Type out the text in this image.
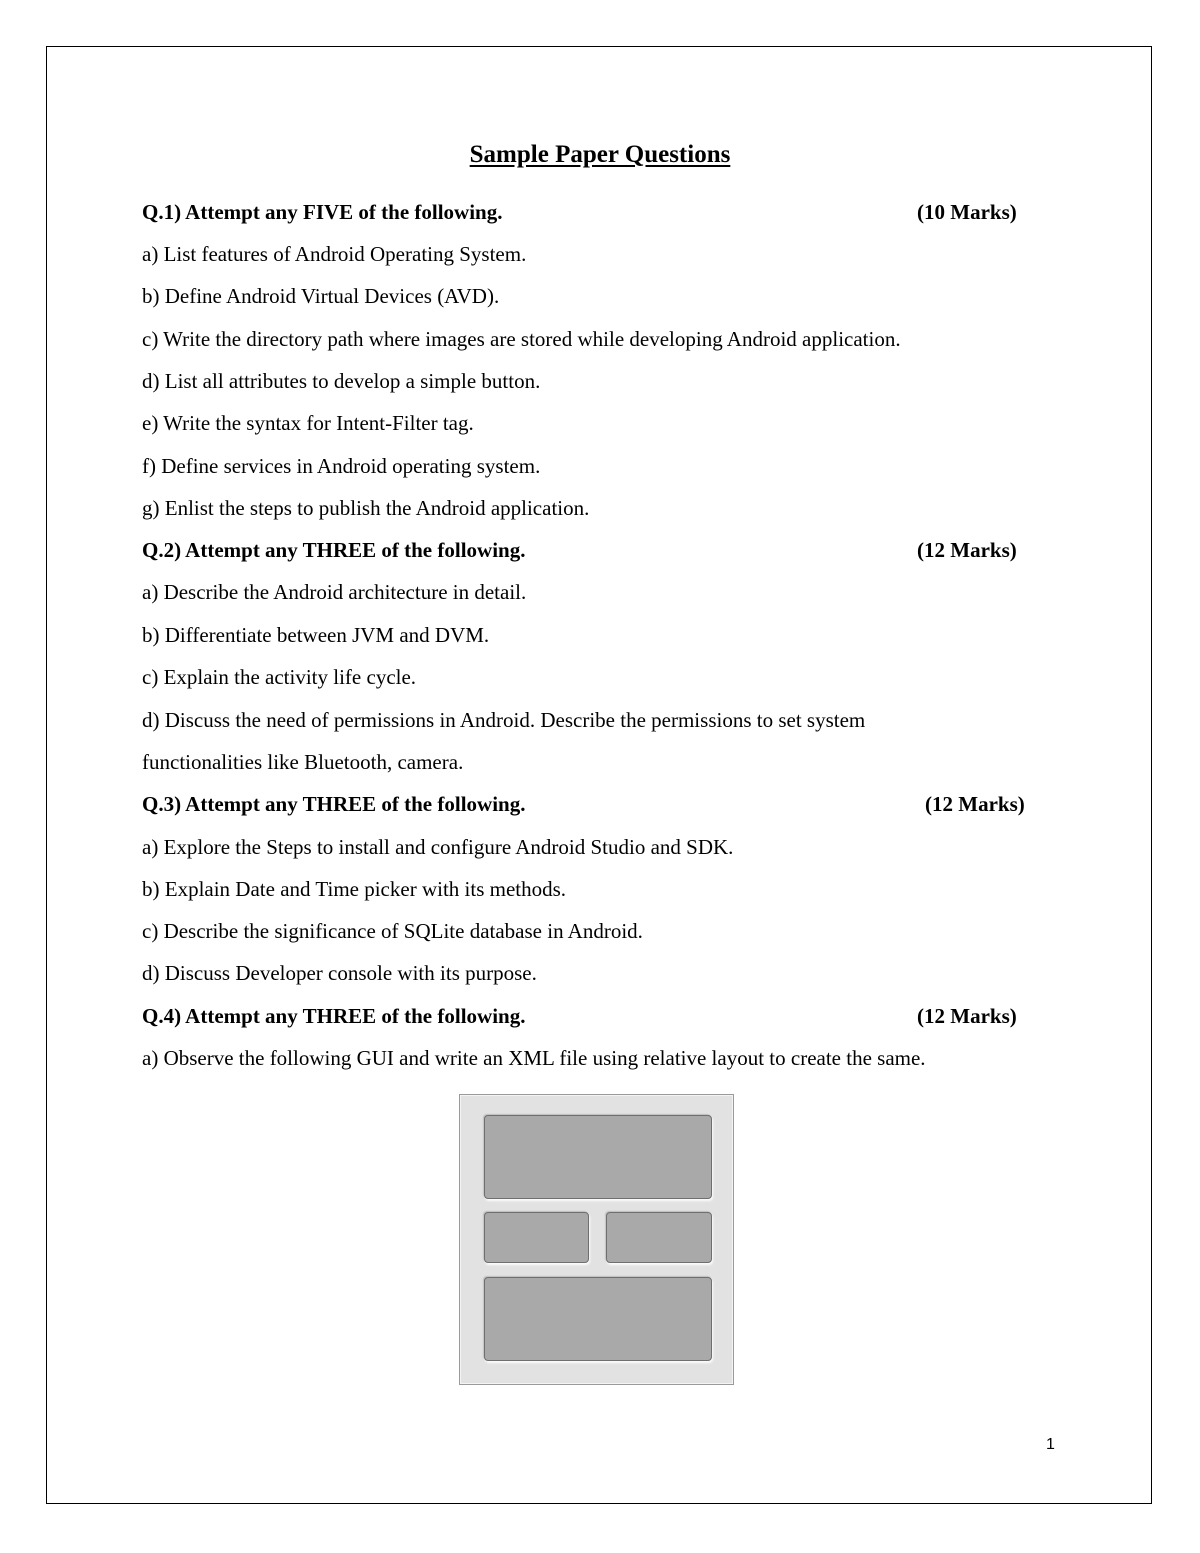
Sample Paper Questions
Q.1) Attempt any FIVE of the following.	(10 Marks)
a) List features of Android Operating System.
b) Define Android Virtual Devices (AVD).
c) Write the directory path where images are stored while developing Android application.
d) List all attributes to develop a simple button.
e) Write the syntax for Intent-Filter tag.
f) Define services in Android operating system.
g) Enlist the steps to publish the Android application.
Q.2) Attempt any THREE of the following.	(12 Marks)
a) Describe the Android architecture in detail.
b) Differentiate between JVM and DVM.
c) Explain the activity life cycle.
d) Discuss the need of permissions in Android. Describe the permissions to set system
functionalities like Bluetooth, camera.
Q.3) Attempt any THREE of the following.	(12 Marks)
a) Explore the Steps to install and configure Android Studio and SDK.
b) Explain Date and Time picker with its methods.
c) Describe the significance of SQLite database in Android.
d) Discuss Developer console with its purpose.
Q.4) Attempt any THREE of the following.	(12 Marks)
a) Observe the following GUI and write an XML file using relative layout to create the same.
1
